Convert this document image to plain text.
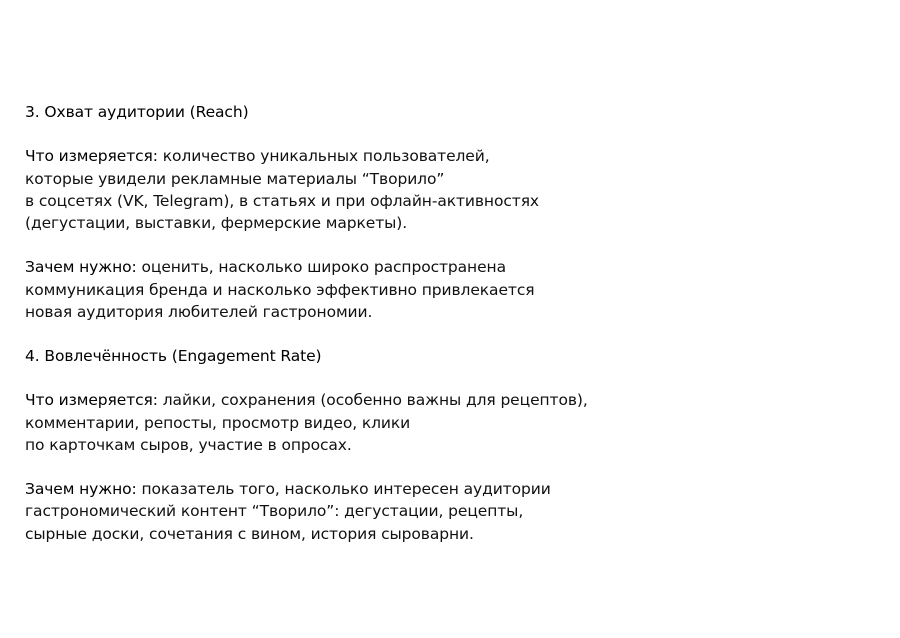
3. Охват аудитории (Reach)
Что измеряется: количество уникальных пользователей,
которые увидели рекламные материалы “Творило”
в соцсетях (VK, Telegram), в статьях и при офлайн-активностях
(дегустации, выставки, фермерские маркеты).
Зачем нужно: оценить, насколько широко распространена
коммуникация бренда и насколько эффективно привлекается
новая аудитория любителей гастрономии.
4. Вовлечённость (Engagement Rate)
Что измеряется: лайки, сохранения (особенно важны для рецептов),
комментарии, репосты, просмотр видео, клики
по карточкам сыров, участие в опросах.
Зачем нужно: показатель того, насколько интересен аудитории
гастрономический контент “Творило”: дегустации, рецепты,
сырные доски, сочетания с вином, история сыроварни.
